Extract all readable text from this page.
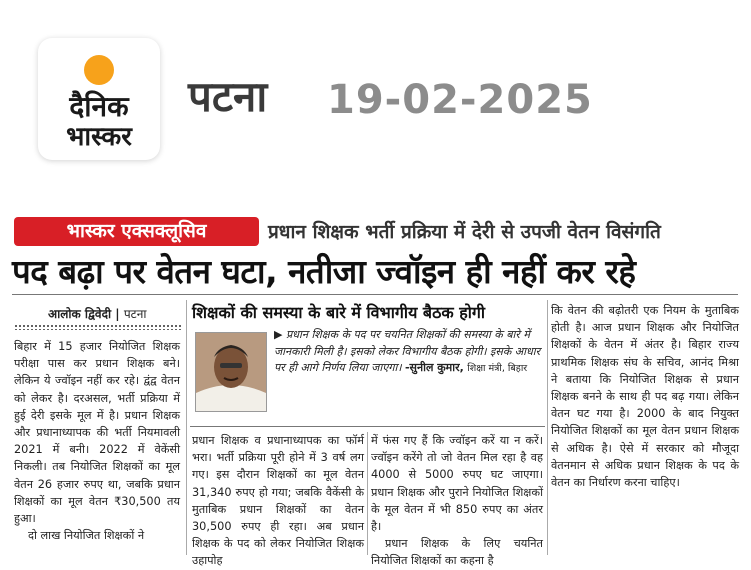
दैनिक
भास्कर
पटना 19-02-2025
भास्कर एक्सक्लूसिव	प्रधान शिक्षक भर्ती प्रक्रिया में देरी से उपजी वेतन विसंगति
पद बढ़ा पर वेतन घटा, नतीजा ज्वॉइन ही नहीं कर रहे
आलोक द्विवेदी | पटना

बिहार में 15 हजार नियोजित शिक्षक परीक्षा पास कर प्रधान शिक्षक बने। लेकिन ये ज्वॉइन नहीं कर रहे। द्वंद्व वेतन को लेकर है। दरअसल, भर्ती प्रक्रिया में हुई देरी इसके मूल में है। प्रधान शिक्षक और प्रधानाध्यापक की भर्ती नियमावली 2021 में बनी। 2022 में वेकेंसी निकली। तब नियोजित शिक्षकों का मूल वेतन 26 हजार रुपए था, जबकि प्रधान शिक्षकों का मूल वेतन ₹30,500 तय हुआ।

दो लाख नियोजित शिक्षकों ने

शिक्षकों की समस्या के बारे में विभागीय बैठक होगी
▶ प्रधान शिक्षक के पद पर चयनित शिक्षकों की समस्या के बारे में जानकारी मिली है। इसको लेकर विभागीय बैठक होगी। इसके आधार पर ही आगे निर्णय लिया जाएगा। -सुनील कुमार, शिक्षा मंत्री, बिहार

प्रधान शिक्षक व प्रधानाध्यापक का फॉर्म भरा। भर्ती प्रक्रिया पूरी होने में 3 वर्ष लग गए। इस दौरान शिक्षकों का मूल वेतन 31,340 रुपए हो गया; जबकि वैकेंसी के मुताबिक प्रधान शिक्षकों का वेतन 30,500 रुपए ही रहा। अब प्रधान शिक्षक के पद को लेकर नियोजित शिक्षक उहापोह

में फंस गए हैं कि ज्वॉइन करें या न करें। ज्वॉइन करेंगे तो जो वेतन मिल रहा है वह 4000 से 5000 रुपए घट जाएगा। प्रधान शिक्षक और पुराने नियोजित शिक्षकों के मूल वेतन में भी 850 रुपए का अंतर है।

प्रधान शिक्षक के लिए चयनित नियोजित शिक्षकों का कहना है

कि वेतन की बढ़ोतरी एक नियम के मुताबिक होती है। आज प्रधान शिक्षक और नियोजित शिक्षकों के वेतन में अंतर है। बिहार राज्य प्राथमिक शिक्षक संघ के सचिव, आनंद मिश्रा ने बताया कि नियोजित शिक्षक से प्रधान शिक्षक बनने के साथ ही पद बढ़ गया। लेकिन वेतन घट गया है। 2000 के बाद नियुक्त नियोजित शिक्षकों का मूल वेतन प्रधान शिक्षक से अधिक है। ऐसे में सरकार को मौजूदा वेतनमान से अधिक प्रधान शिक्षक के पद के वेतन का निर्धारण करना चाहिए।
